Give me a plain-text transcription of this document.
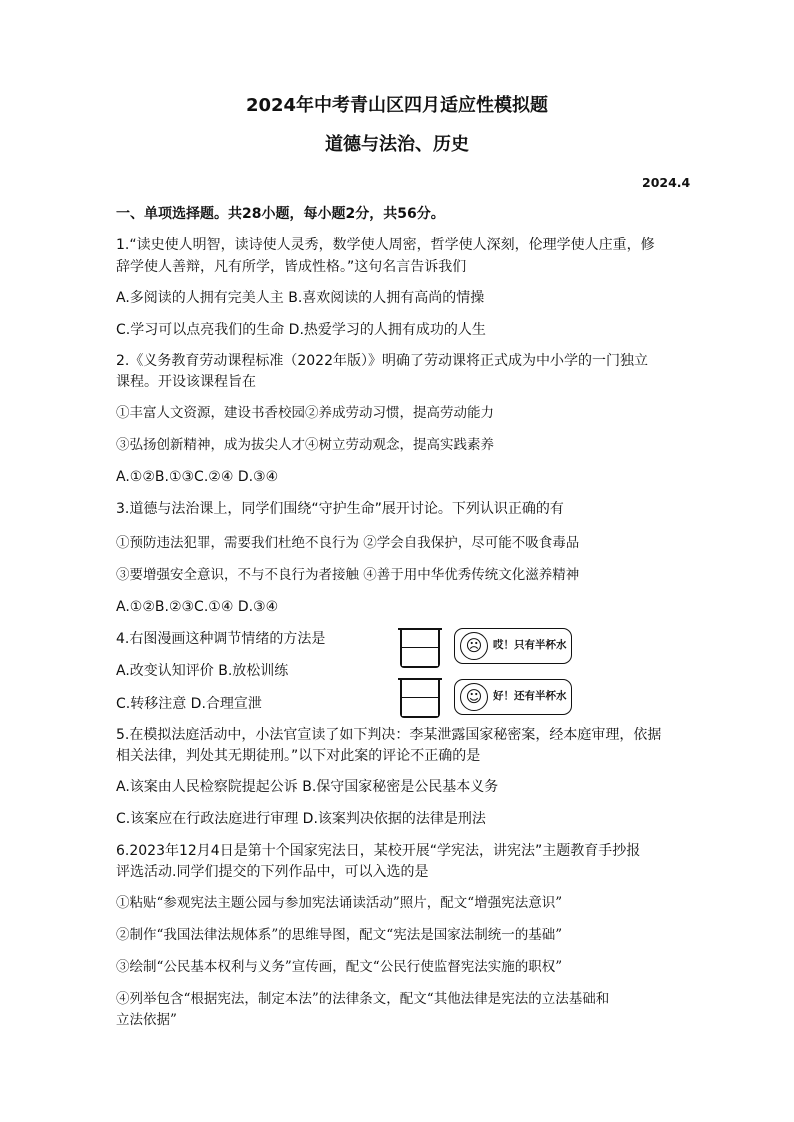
2024年中考青山区四月适应性模拟题
道德与法治、历史
2024.4
一、单项选择题。共28小题，每小题2分，共56分。
1.“读史使人明智，读诗使人灵秀，数学使人周密，哲学使人深刻，伦理学使人庄重，修
辞学使人善辩，凡有所学，皆成性格。”这句名言告诉我们
A.多阅读的人拥有完美人主 B.喜欢阅读的人拥有高尚的情操
C.学习可以点亮我们的生命 D.热爱学习的人拥有成功的人生
2.《义务教育劳动课程标准（2022年版）》明确了劳动课将正式成为中小学的一门独立
课程。开设该课程旨在
①丰富人文资源，建设书香校园②养成劳动习惯，提高劳动能力
③弘扬创新精神，成为拔尖人才④树立劳动观念，提高实践素养
A.①②B.①③C.②④ D.③④
3.道德与法治课上，同学们围绕“守护生命”展开讨论。下列认识正确的有
①预防违法犯罪，需要我们杜绝不良行为 ②学会自我保护，尽可能不吸食毒品
③要增强安全意识，不与不良行为者接触 ④善于用中华优秀传统文化滋养精神
A.①②B.②③C.①④ D.③④
4.右图漫画这种调节情绪的方法是
A.改变认知评价 B.放松训练
C.转移注意 D.合理宣泄
☹	哎！只有半杯水
☺	好！还有半杯水
5.在模拟法庭活动中，小法官宣读了如下判决：李某泄露国家秘密案，经本庭审理，依据
相关法律，判处其无期徒刑。”以下对此案的评论不正确的是
A.该案由人民检察院提起公诉 B.保守国家秘密是公民基本义务
C.该案应在行政法庭进行审理 D.该案判决依据的法律是刑法
6.2023年12月4日是第十个国家宪法日，某校开展“学宪法，讲宪法”主题教育手抄报
评选活动.同学们提交的下列作品中，可以入选的是
①粘贴“参观宪法主题公园与参加宪法诵读活动”照片，配文“增强宪法意识”
②制作“我国法律法规体系”的思维导图，配文“宪法是国家法制统一的基础”
③绘制“公民基本权利与义务”宣传画，配文“公民行使监督宪法实施的职权”
④列举包含“根据宪法，制定本法”的法律条文，配文“其他法律是宪法的立法基础和
立法依据”
